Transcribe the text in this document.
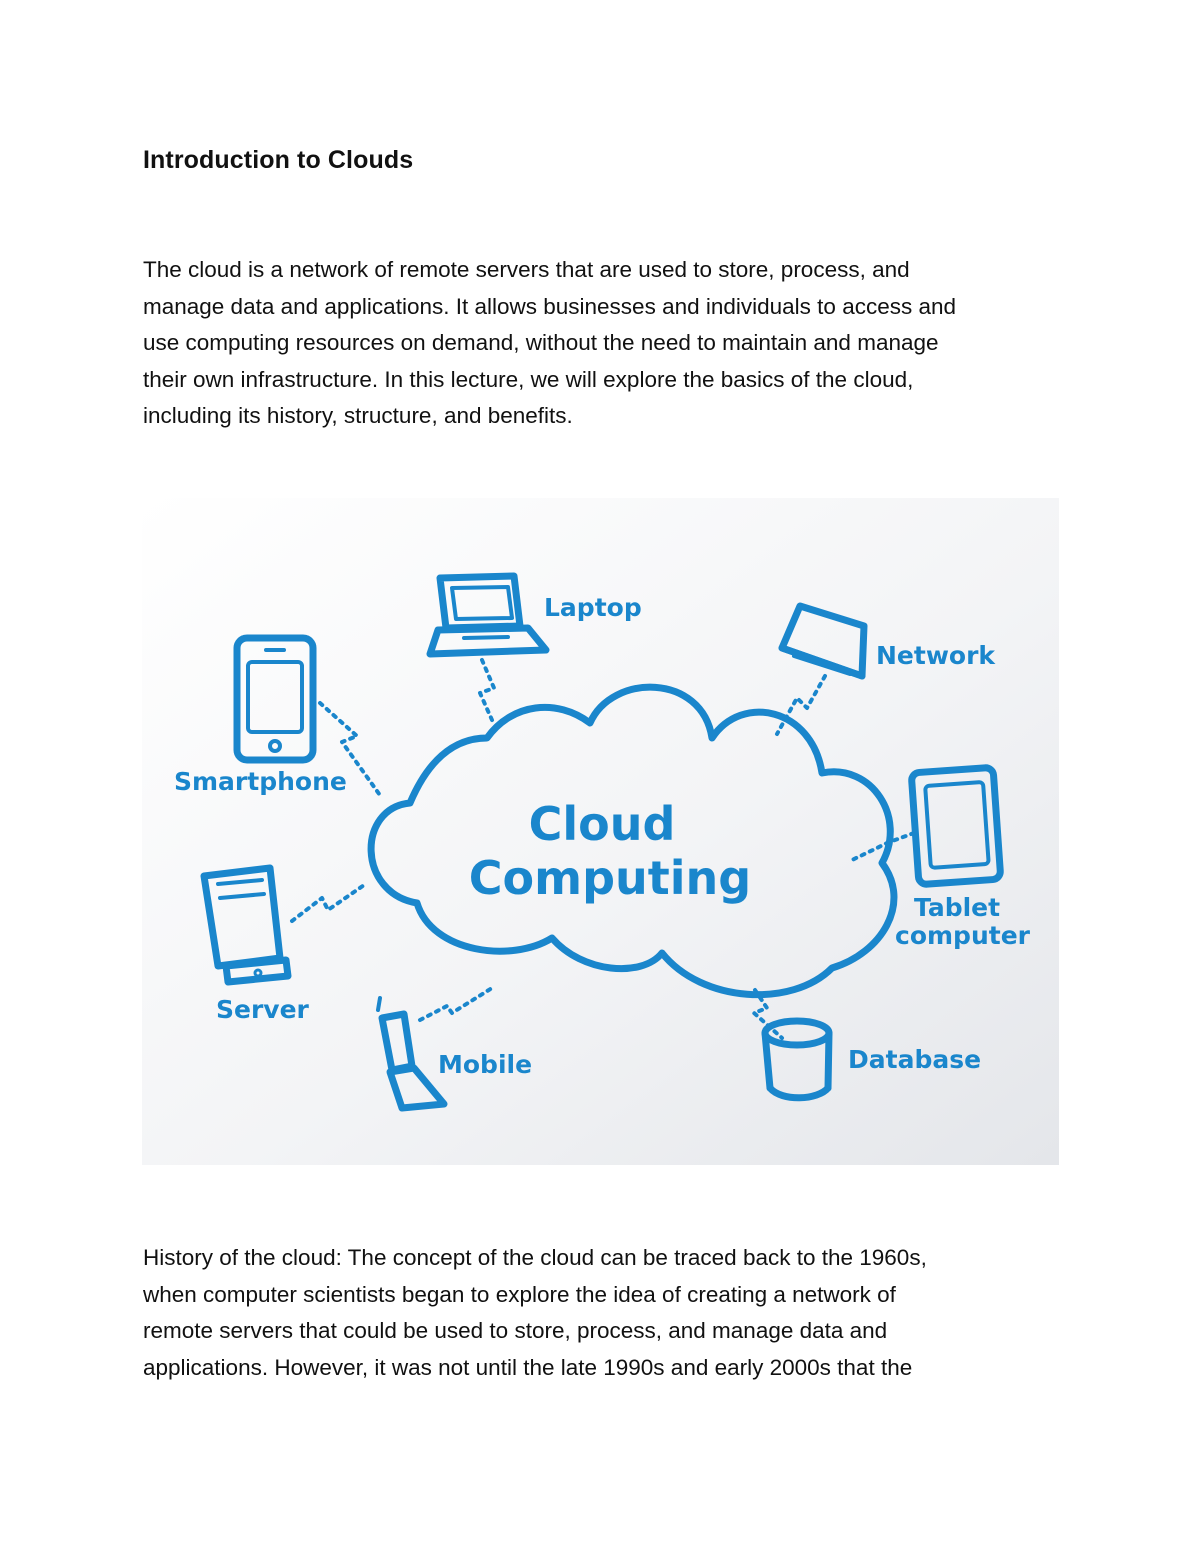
Introduction to Clouds
The cloud is a network of remote servers that are used to store, process, and
manage data and applications. It allows businesses and individuals to access and
use computing resources on demand, without the need to maintain and manage
their own infrastructure. In this lecture, we will explore the basics of the cloud,
including its history, structure, and benefits.
Cloud
Computing
Laptop
Network
Smartphone
Tablet
computer
Server
Mobile	Database
History of the cloud: The concept of the cloud can be traced back to the 1960s,
when computer scientists began to explore the idea of creating a network of
remote servers that could be used to store, process, and manage data and
applications. However, it was not until the late 1990s and early 2000s that the
